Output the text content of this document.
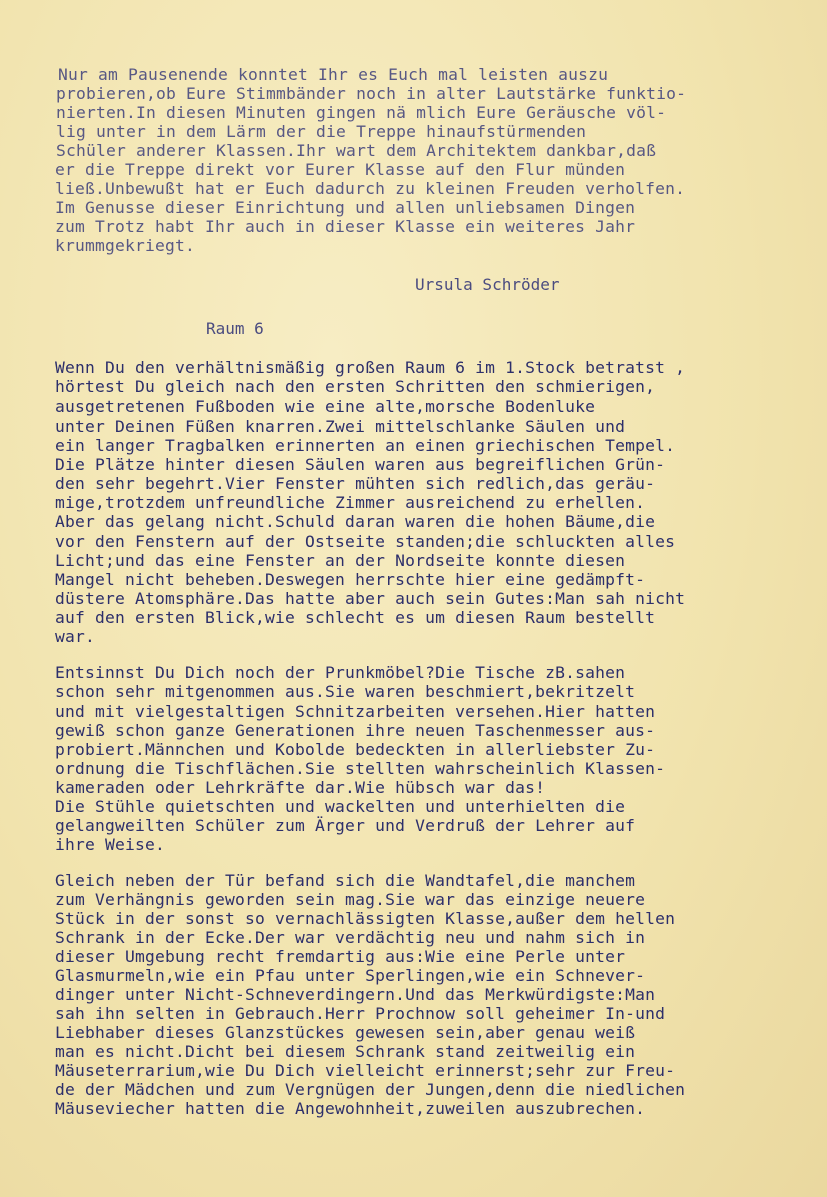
Nur am Pausenende konntet Ihr es Euch mal leisten auszu
probieren,ob Eure Stimmbänder noch in alter Lautstärke funktio-
nierten.In diesen Minuten gingen nä mlich Eure Geräusche völ-
lig unter in dem Lärm der die Treppe hinaufstürmenden
Schüler anderer Klassen.Ihr wart dem Architektem dankbar,daß
er die Treppe direkt vor Eurer Klasse auf den Flur münden
ließ.Unbewußt hat er Euch dadurch zu kleinen Freuden verholfen.
Im Genusse dieser Einrichtung und allen unliebsamen Dingen
zum Trotz habt Ihr auch in dieser Klasse ein weiteres Jahr
krummgekriegt.
Ursula Schröder
Raum 6
Wenn Du den verhältnismäßig großen Raum 6 im 1.Stock betratst ,
hörtest Du gleich nach den ersten Schritten den schmierigen,
ausgetretenen Fußboden wie eine alte,morsche Bodenluke
unter Deinen Füßen knarren.Zwei mittelschlanke Säulen und
ein langer Tragbalken erinnerten an einen griechischen Tempel.
Die Plätze hinter diesen Säulen waren aus begreiflichen Grün-
den sehr begehrt.Vier Fenster mühten sich redlich,das geräu-
mige,trotzdem unfreundliche Zimmer ausreichend zu erhellen.
Aber das gelang nicht.Schuld daran waren die hohen Bäume,die
vor den Fenstern auf der Ostseite standen;die schluckten alles
Licht;und das eine Fenster an der Nordseite konnte diesen
Mangel nicht beheben.Deswegen herrschte hier eine gedämpft-
düstere Atomsphäre.Das hatte aber auch sein Gutes:Man sah nicht
auf den ersten Blick,wie schlecht es um diesen Raum bestellt
war.
Entsinnst Du Dich noch der Prunkmöbel?Die Tische zB.sahen
schon sehr mitgenommen aus.Sie waren beschmiert,bekritzelt
und mit vielgestaltigen Schnitzarbeiten versehen.Hier hatten
gewiß schon ganze Generationen ihre neuen Taschenmesser aus-
probiert.Männchen und Kobolde bedeckten in allerliebster Zu-
ordnung die Tischflächen.Sie stellten wahrscheinlich Klassen-
kameraden oder Lehrkräfte dar.Wie hübsch war das!
Die Stühle quietschten und wackelten und unterhielten die
gelangweilten Schüler zum Ärger und Verdruß der Lehrer auf
ihre Weise.
Gleich neben der Tür befand sich die Wandtafel,die manchem
zum Verhängnis geworden sein mag.Sie war das einzige neuere
Stück in der sonst so vernachlässigten Klasse,außer dem hellen
Schrank in der Ecke.Der war verdächtig neu und nahm sich in
dieser Umgebung recht fremdartig aus:Wie eine Perle unter
Glasmurmeln,wie ein Pfau unter Sperlingen,wie ein Schnever-
dinger unter Nicht-Schneverdingern.Und das Merkwürdigste:Man
sah ihn selten in Gebrauch.Herr Prochnow soll geheimer In-und
Liebhaber dieses Glanzstückes gewesen sein,aber genau weiß
man es nicht.Dicht bei diesem Schrank stand zeitweilig ein
Mäuseterrarium,wie Du Dich vielleicht erinnerst;sehr zur Freu-
de der Mädchen und zum Vergnügen der Jungen,denn die niedlichen
Mäuseviecher hatten die Angewohnheit,zuweilen auszubrechen.
